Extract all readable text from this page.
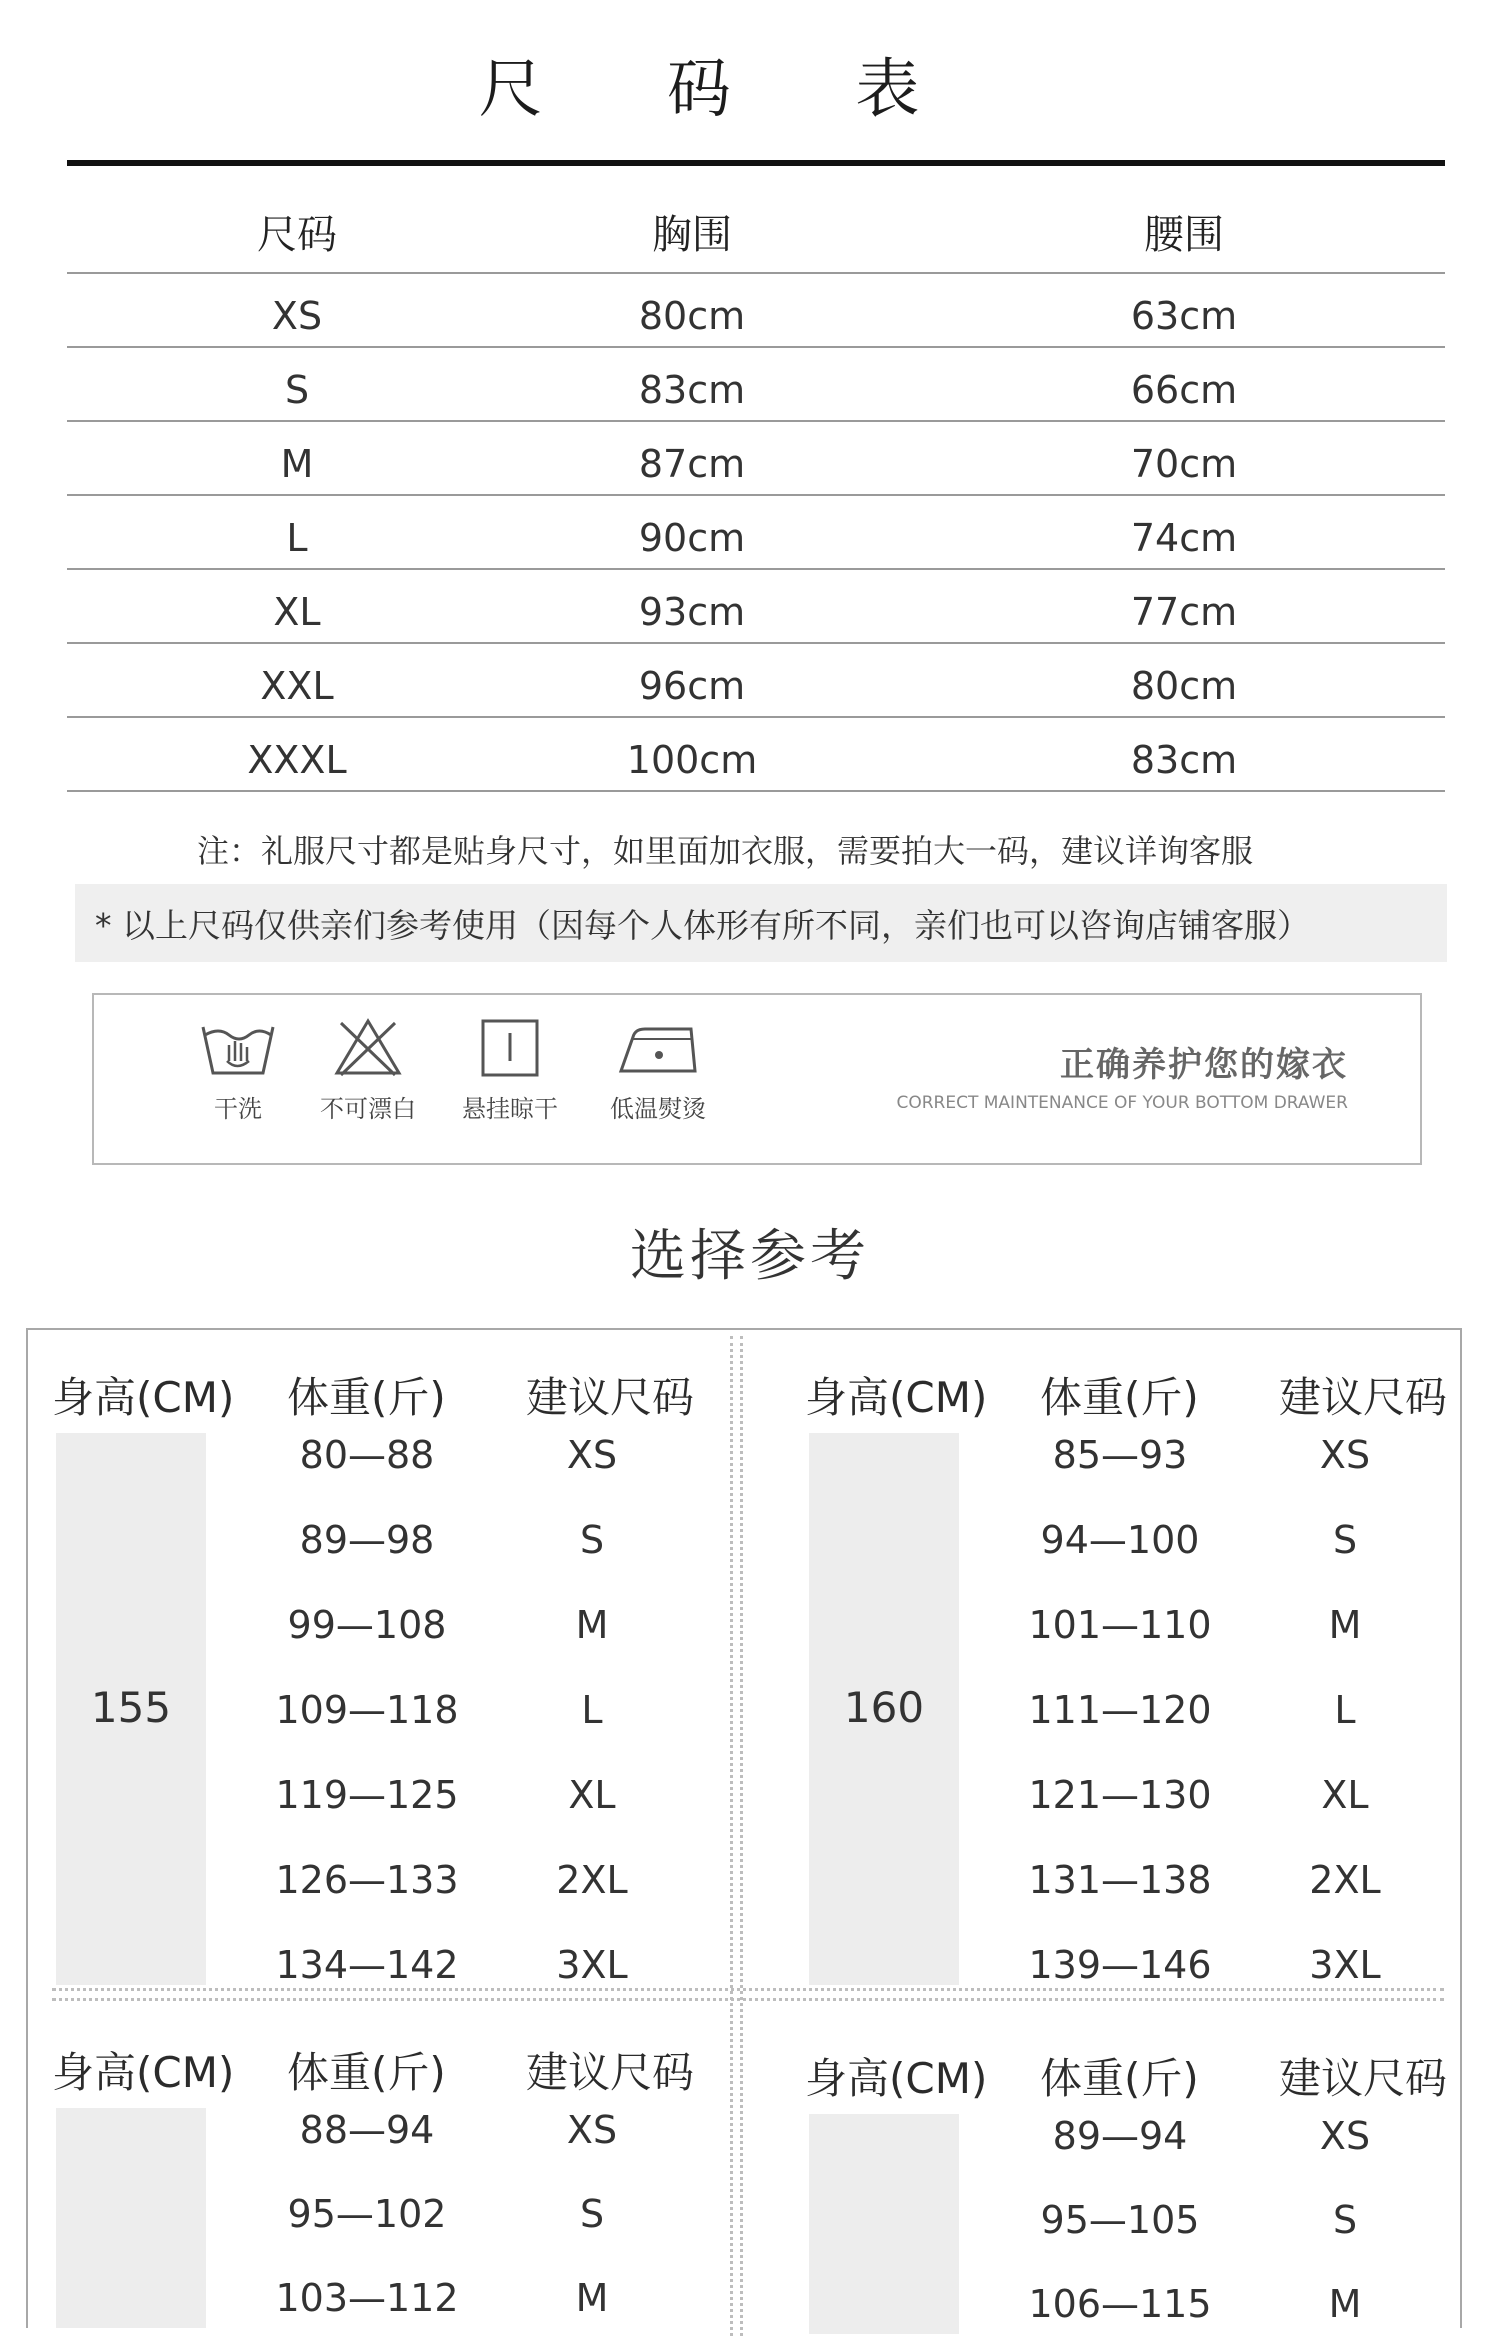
尺 码 表
尺码	胸围	腰围
XS	80cm	63cm
S	83cm	66cm
M	87cm	70cm
L	90cm	74cm
XL	93cm	77cm
XXL	96cm	80cm
XXXL	100cm	83cm
注：礼服尺寸都是贴身尺寸，如里面加衣服，需要拍大一码，建议详询客服
* 以上尺码仅供亲们参考使用（因每个人体形有所不同，亲们也可以咨询店铺客服）
干洗	不可漂白	悬挂晾干	低温熨烫
正确养护您的嫁衣
CORRECT MAINTENANCE OF YOUR BOTTOM DRAWER
选择参考
身高(CM) 体重(斤) 建议尺码
155
80—88	XS
89—98	S
99—108	M
109—118	L
119—125	XL
126—133	2XL
134—142	3XL
身高(CM) 体重(斤) 建议尺码
160
85—93	XS
94—100	S
101—110	M
111—120	L
121—130	XL
131—138	2XL
139—146	3XL
身高(CM) 体重(斤) 建议尺码
88—94	XS
95—102	S
103—112	M
身高(CM) 体重(斤) 建议尺码
89—94	XS
95—105	S
106—115	M
